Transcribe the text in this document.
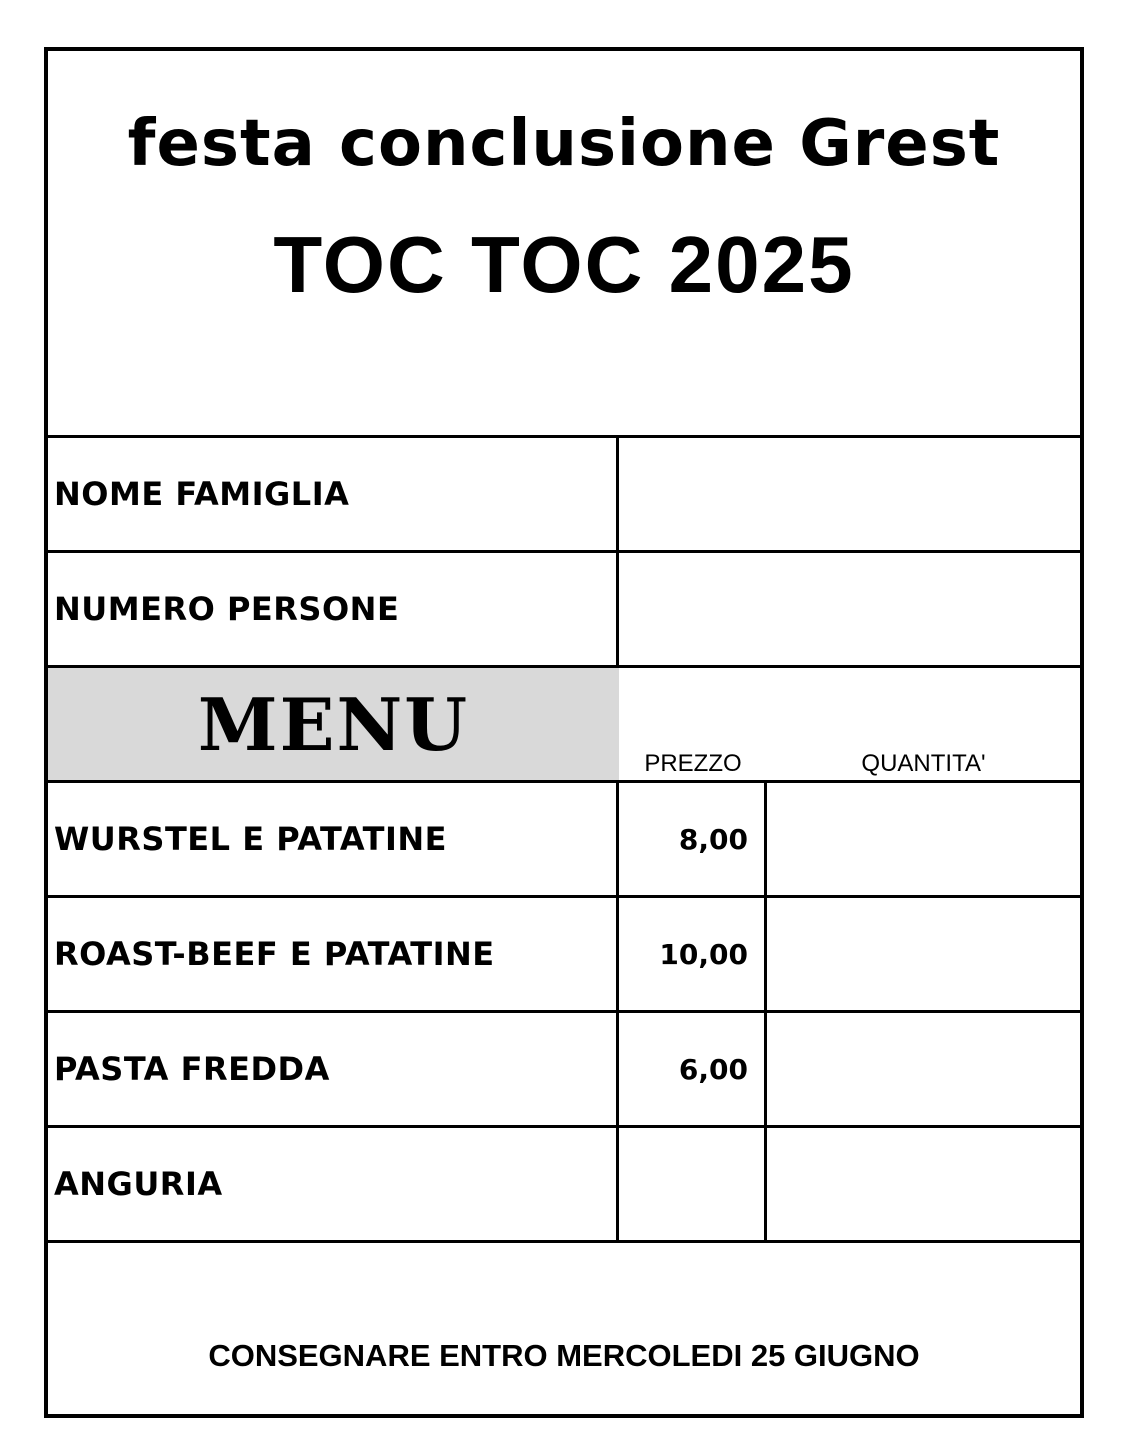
festa conclusione Grest
TOC TOC 2025
NOME FAMIGLIA
NUMERO PERSONE
MENU	PREZZO	QUANTITA'
WURSTEL E PATATINE	8,00
ROAST-BEEF E PATATINE	10,00
PASTA FREDDA	6,00
ANGURIA
CONSEGNARE ENTRO MERCOLEDI 25 GIUGNO
